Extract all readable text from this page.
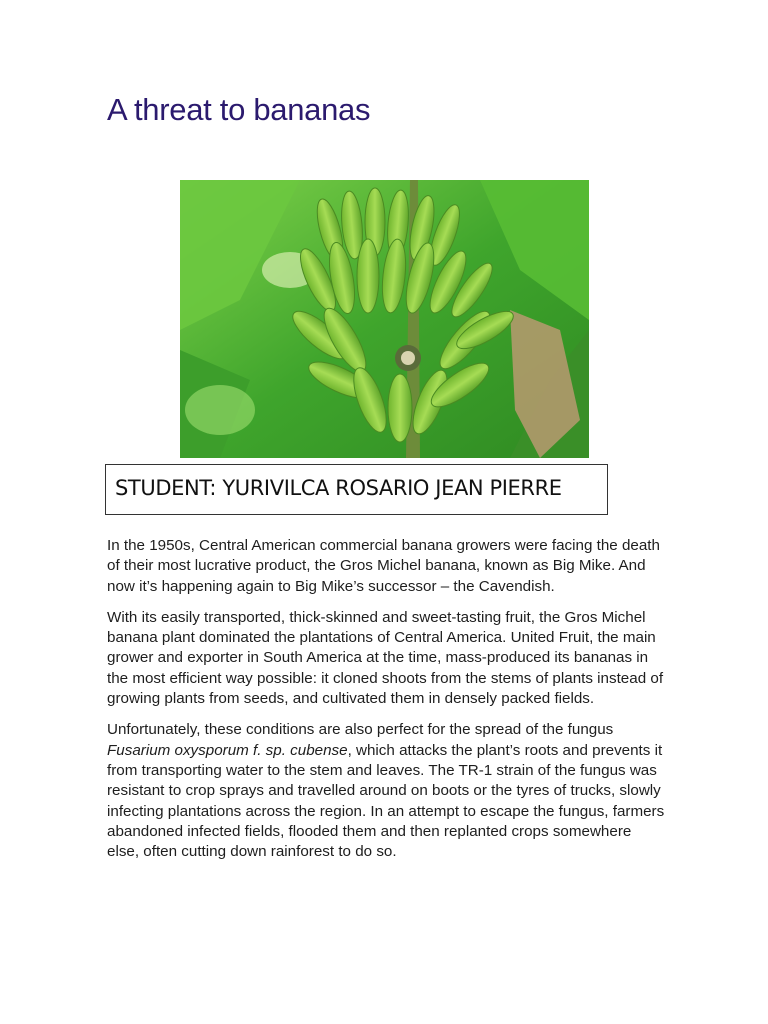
A threat to bananas
STUDENT: YURIVILCA ROSARIO JEAN PIERRE

In the 1950s, Central American commercial banana growers were facing the death of their most lucrative product, the Gros Michel banana, known as Big Mike. And now it’s happening again to Big Mike’s successor – the Cavendish.

With its easily transported, thick-skinned and sweet-tasting fruit, the Gros Michel banana plant dominated the plantations of Central America. United Fruit, the main grower and exporter in South America at the time, mass-produced its bananas in the most efficient way possible: it cloned shoots from the stems of plants instead of growing plants from seeds, and cultivated them in densely packed fields.

Unfortunately, these conditions are also perfect for the spread of the fungus Fusarium oxysporum f. sp. cubense, which attacks the plant’s roots and prevents it from transporting water to the stem and leaves. The TR-1 strain of the fungus was resistant to crop sprays and travelled around on boots or the tyres of trucks, slowly infecting plantations across the region. In an attempt to escape the fungus, farmers abandoned infected fields, flooded them and then replanted crops somewhere else, often cutting down rainforest to do so.
